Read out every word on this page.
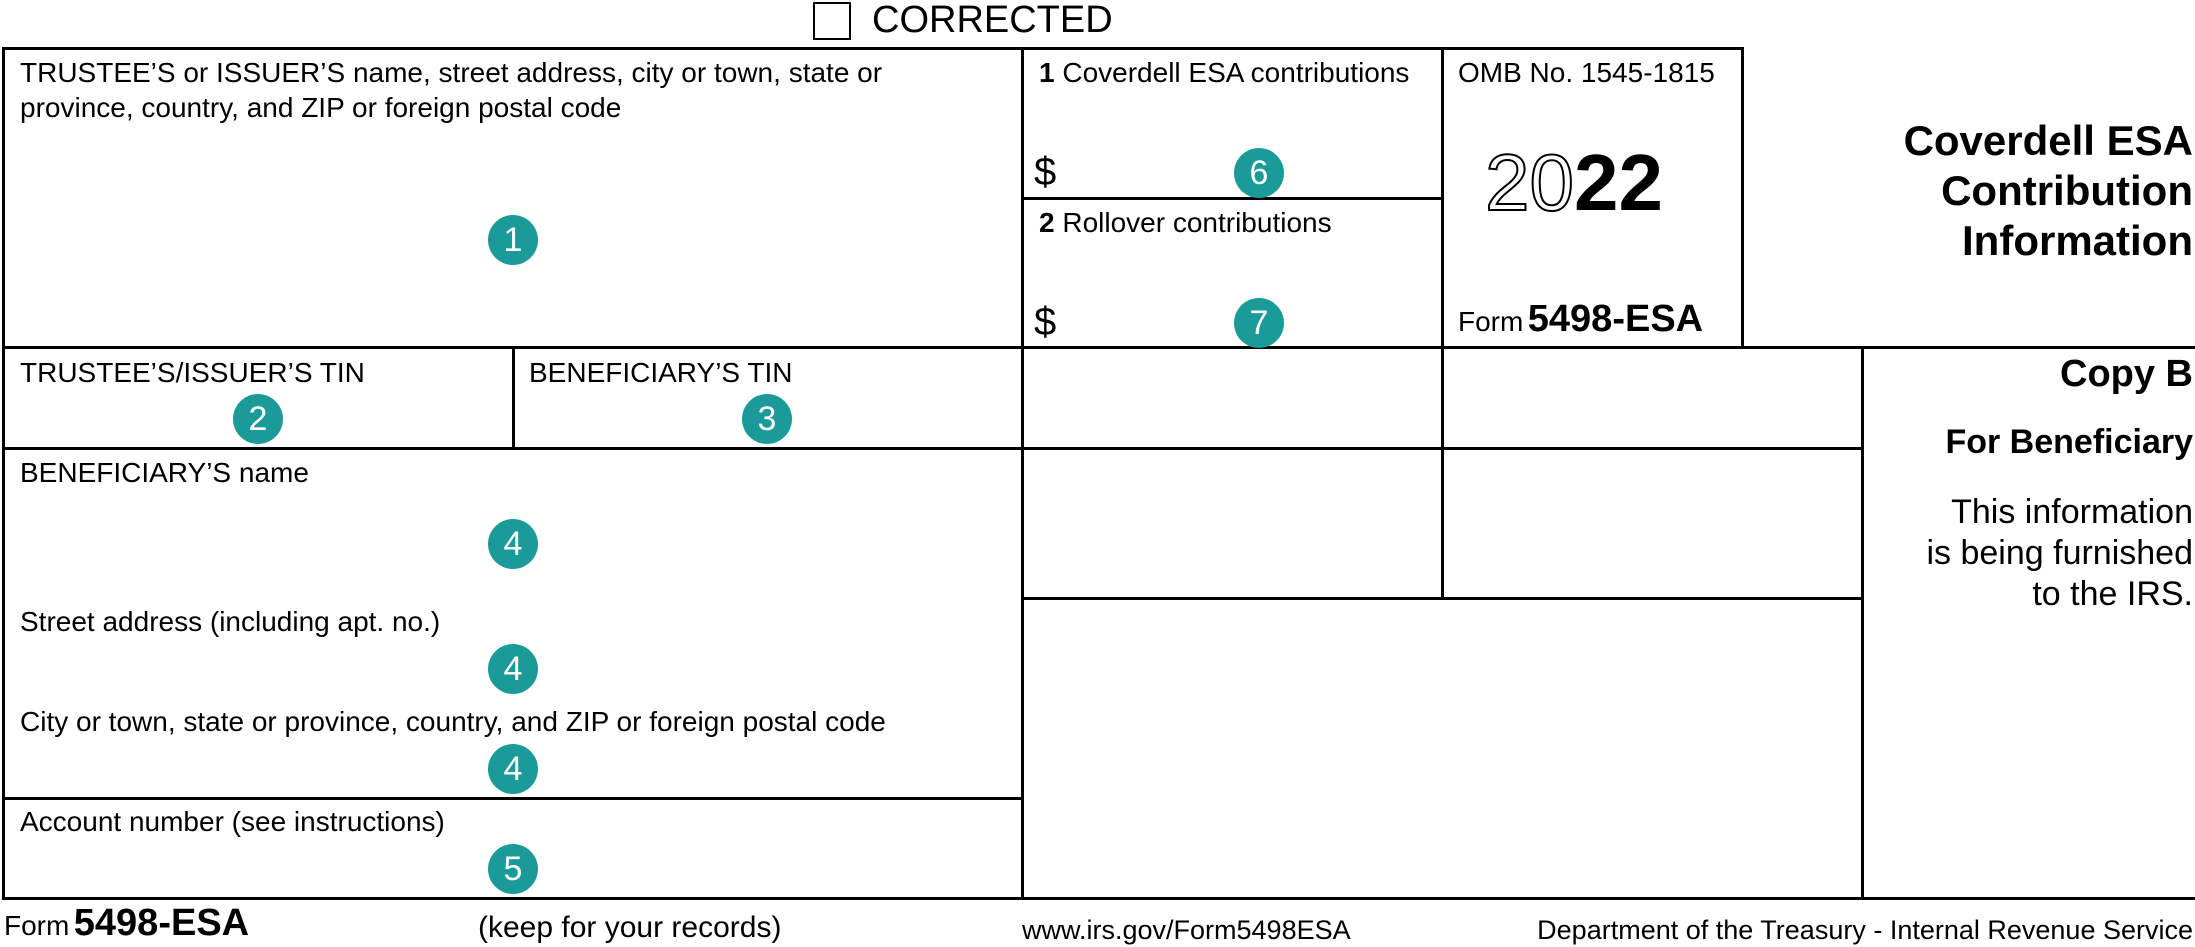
CORRECTED
TRUSTEE’S or ISSUER’S name, street address, city or town, state or
province, country, and ZIP or foreign postal code
1
1 Coverdell ESA contributions
$	6
2 Rollover contributions
$	7
OMB No. 1545-1815
2022
Form 5498-ESA
Coverdell ESA
Contribution
Information
TRUSTEE’S/ISSUER’S TIN
2
BENEFICIARY’S TIN
3
BENEFICIARY’S name
4
Street address (including apt. no.)
4
City or town, state or province, country, and ZIP or foreign postal code
4
Account number (see instructions)
5
Copy B
For Beneficiary
This information
is being furnished
to the IRS.
Form 5498-ESA	(keep for your records)	www.irs.gov/Form5498ESA	Department of the Treasury - Internal Revenue Service
